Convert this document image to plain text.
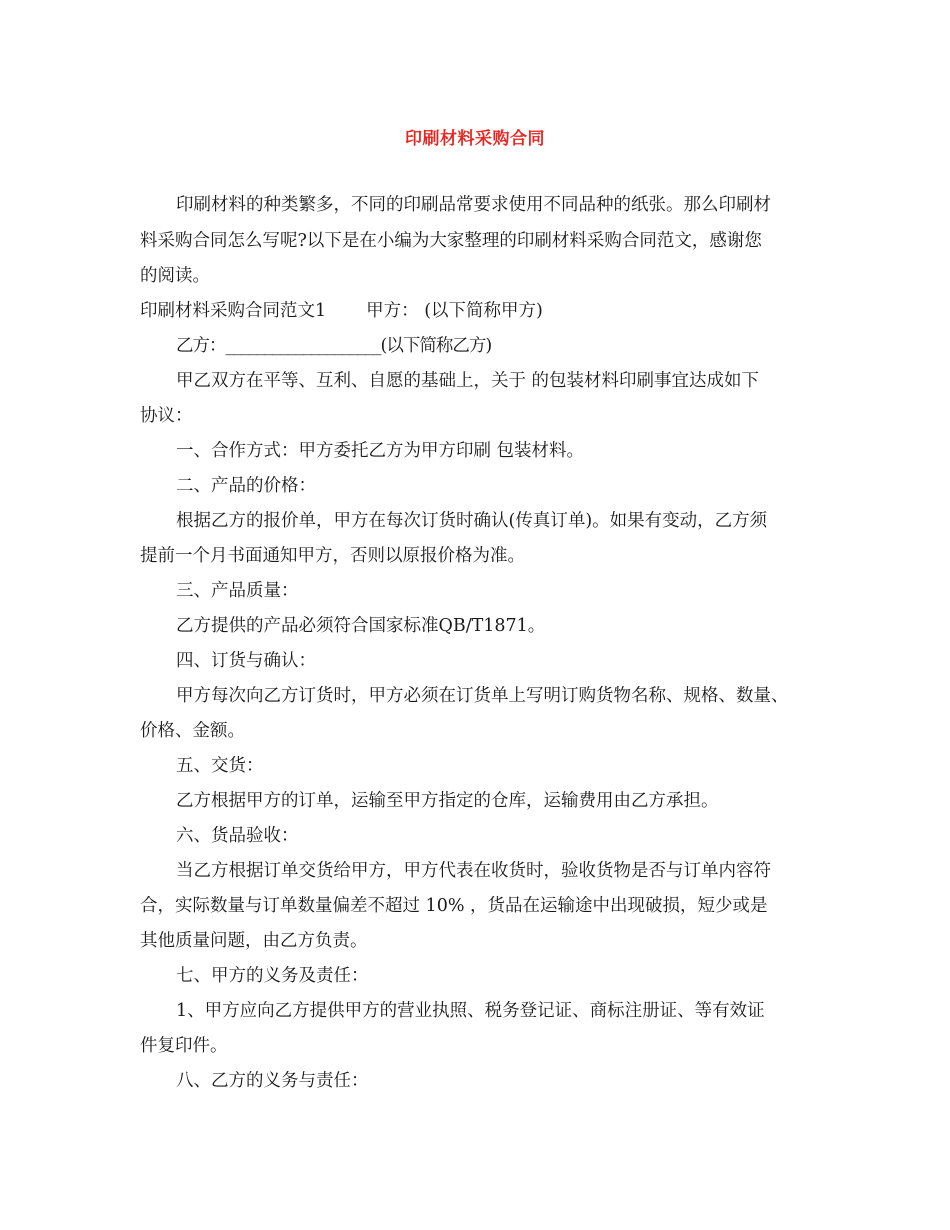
印刷材料采购合同
印刷材料的种类繁多，不同的印刷品常要求使用不同品种的纸张。那么印刷材
料采购合同怎么写呢?以下是在小编为大家整理的印刷材料采购合同范文，感谢您
的阅读。
印刷材料采购合同范文1 甲方： (以下简称甲方)
乙方：____________________(以下简称乙方)
甲乙双方在平等、互利、自愿的基础上，关于 的包装材料印刷事宜达成如下
协议：
一、合作方式：甲方委托乙方为甲方印刷 包装材料。
二、产品的价格：
根据乙方的报价单，甲方在每次订货时确认(传真订单)。如果有变动，乙方须
提前一个月书面通知甲方，否则以原报价格为准。
三、产品质量：
乙方提供的产品必须符合国家标准QB/T1871。
四、订货与确认：
甲方每次向乙方订货时，甲方必须在订货单上写明订购货物名称、规格、数量、
价格、金额。
五、交货：
乙方根据甲方的订单，运输至甲方指定的仓库，运输费用由乙方承担。
六、货品验收：
当乙方根据订单交货给甲方，甲方代表在收货时，验收货物是否与订单内容符
合，实际数量与订单数量偏差不超过 10% ，货品在运输途中出现破损，短少或是
其他质量问题，由乙方负责。
七、甲方的义务及责任：
1、甲方应向乙方提供甲方的营业执照、税务登记证、商标注册证、等有效证
件复印件。
八、乙方的义务与责任：
